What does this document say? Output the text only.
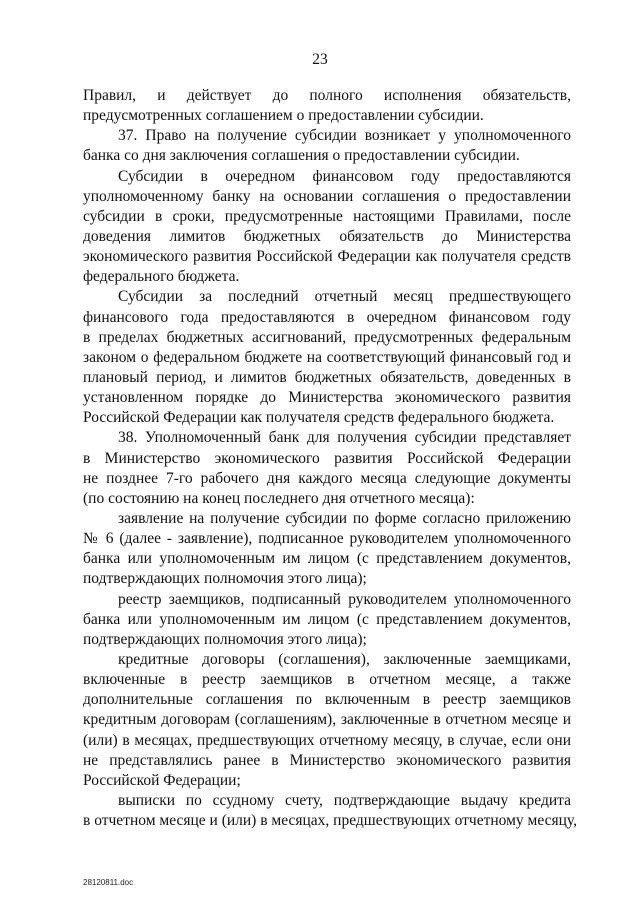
23
Правил, и действует до полного исполнения обязательств,
предусмотренных соглашением о предоставлении субсидии.
37. Право на получение субсидии возникает у уполномоченного
банка со дня заключения соглашения о предоставлении субсидии.
Субсидии в очередном финансовом году предоставляются
уполномоченному банку на основании соглашения о предоставлении
субсидии в сроки, предусмотренные настоящими Правилами, после
доведения лимитов бюджетных обязательств до Министерства
экономического развития Российской Федерации как получателя средств
федерального бюджета.
Субсидии за последний отчетный месяц предшествующего
финансового года предоставляются в очередном финансовом году
в пределах бюджетных ассигнований, предусмотренных федеральным
законом о федеральном бюджете на соответствующий финансовый год и
плановый период, и лимитов бюджетных обязательств, доведенных в
установленном порядке до Министерства экономического развития
Российской Федерации как получателя средств федерального бюджета.
38. Уполномоченный банк для получения субсидии представляет
в Министерство экономического развития Российской Федерации
не позднее 7-го рабочего дня каждого месяца следующие документы
(по состоянию на конец последнего дня отчетного месяца):
заявление на получение субсидии по форме согласно приложению
№ 6 (далее - заявление), подписанное руководителем уполномоченного
банка или уполномоченным им лицом (с представлением документов,
подтверждающих полномочия этого лица);
реестр заемщиков, подписанный руководителем уполномоченного
банка или уполномоченным им лицом (с представлением документов,
подтверждающих полномочия этого лица);
кредитные договоры (соглашения), заключенные заемщиками,
включенные в реестр заемщиков в отчетном месяце, а также
дополнительные соглашения по включенным в реестр заемщиков
кредитным договорам (соглашениям), заключенные в отчетном месяце и
(или) в месяцах, предшествующих отчетному месяцу, в случае, если они
не представлялись ранее в Министерство экономического развития
Российской Федерации;
выписки по ссудному счету, подтверждающие выдачу кредита
в отчетном месяце и (или) в месяцах, предшествующих отчетному месяцу,
28120811.doc
